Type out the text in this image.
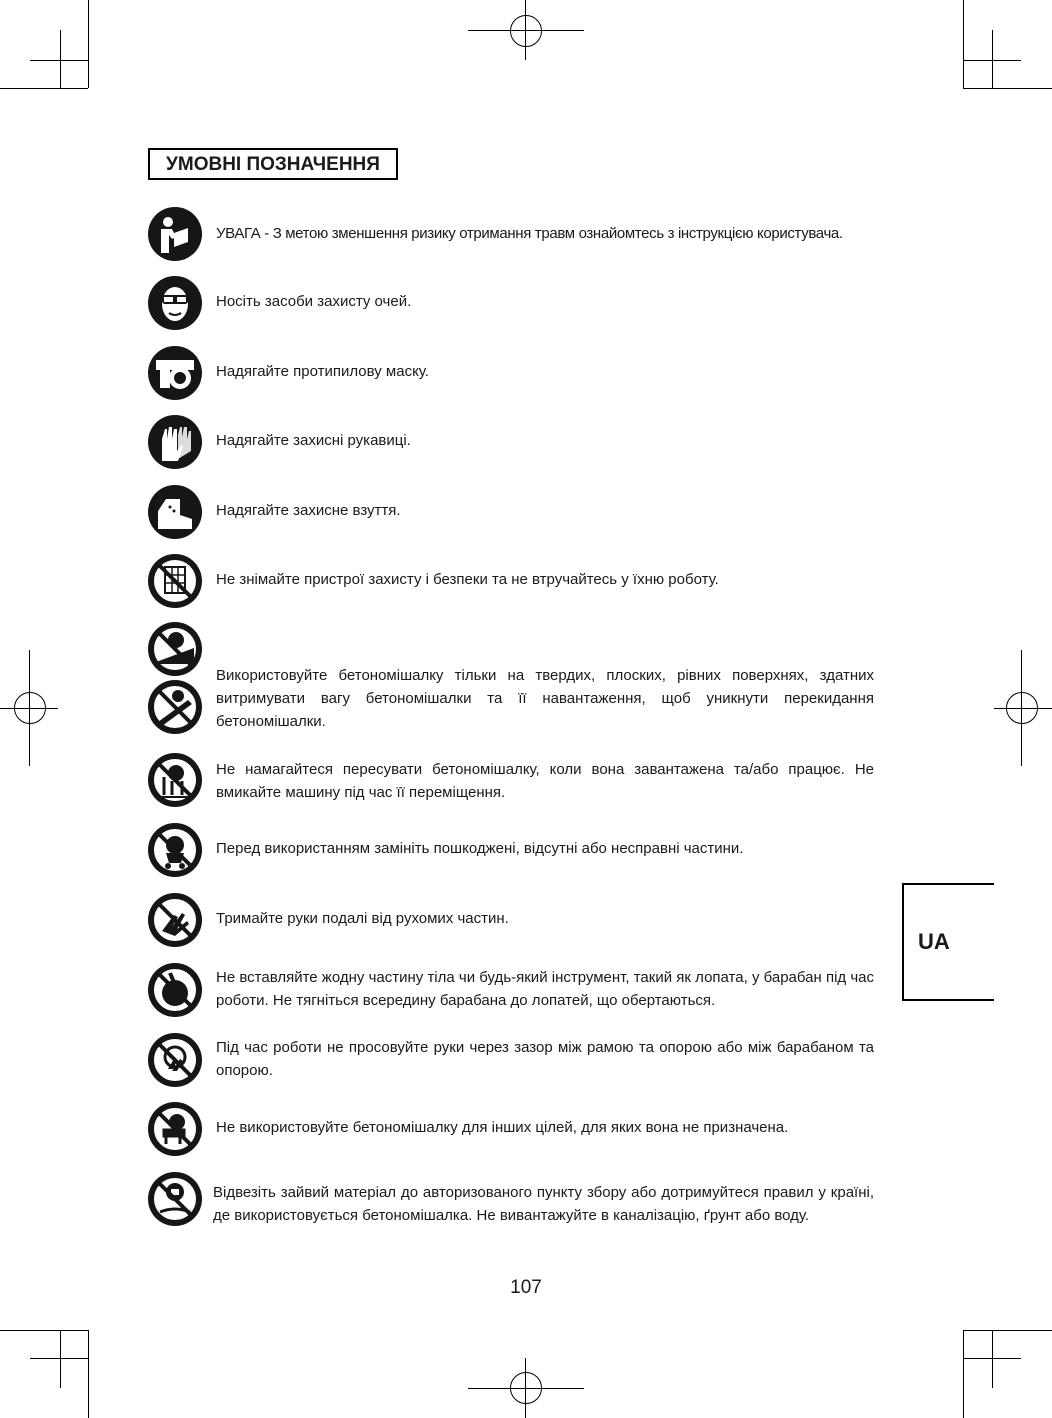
УМОВНІ ПОЗНАЧЕННЯ
УВАГА - З метою зменшення ризику отримання травм ознайомтесь з інструкцією користувача.
Носіть засоби захисту очей.
Надягайте протипилову маску.
Надягайте захисні рукавиці.
Надягайте захисне взуття.
Не знімайте пристрої захисту і безпеки та не втручайтесь у їхню роботу.
Використовуйте бетономішалку тільки на твердих, плоских, рівних поверхнях, здатних витримувати вагу бетономішалки та її навантаження, щоб уникнути перекидання бетономішалки.
Не намагайтеся пересувати бетономішалку, коли вона завантажена та/або працює. Не вмикайте машину під час її переміщення.
Перед використанням замініть пошкоджені, відсутні або несправні частини.
Тримайте руки подалі від рухомих частин.
Не вставляйте жодну частину тіла чи будь-який інструмент, такий як лопата, у барабан під час роботи. Не тягніться всередину барабана до лопатей, що обертаються.
Під час роботи не просовуйте руки через зазор між рамою та опорою або між барабаном та опорою.
Не використовуйте бетономішалку для інших цілей, для яких вона не призначена.
Відвезіть зайвий матеріал до авторизованого пункту збору або дотримуйтеся правил у країні, де використовується бетономішалка. Не вивантажуйте в каналізацію, ґрунт або воду.
UA
107
